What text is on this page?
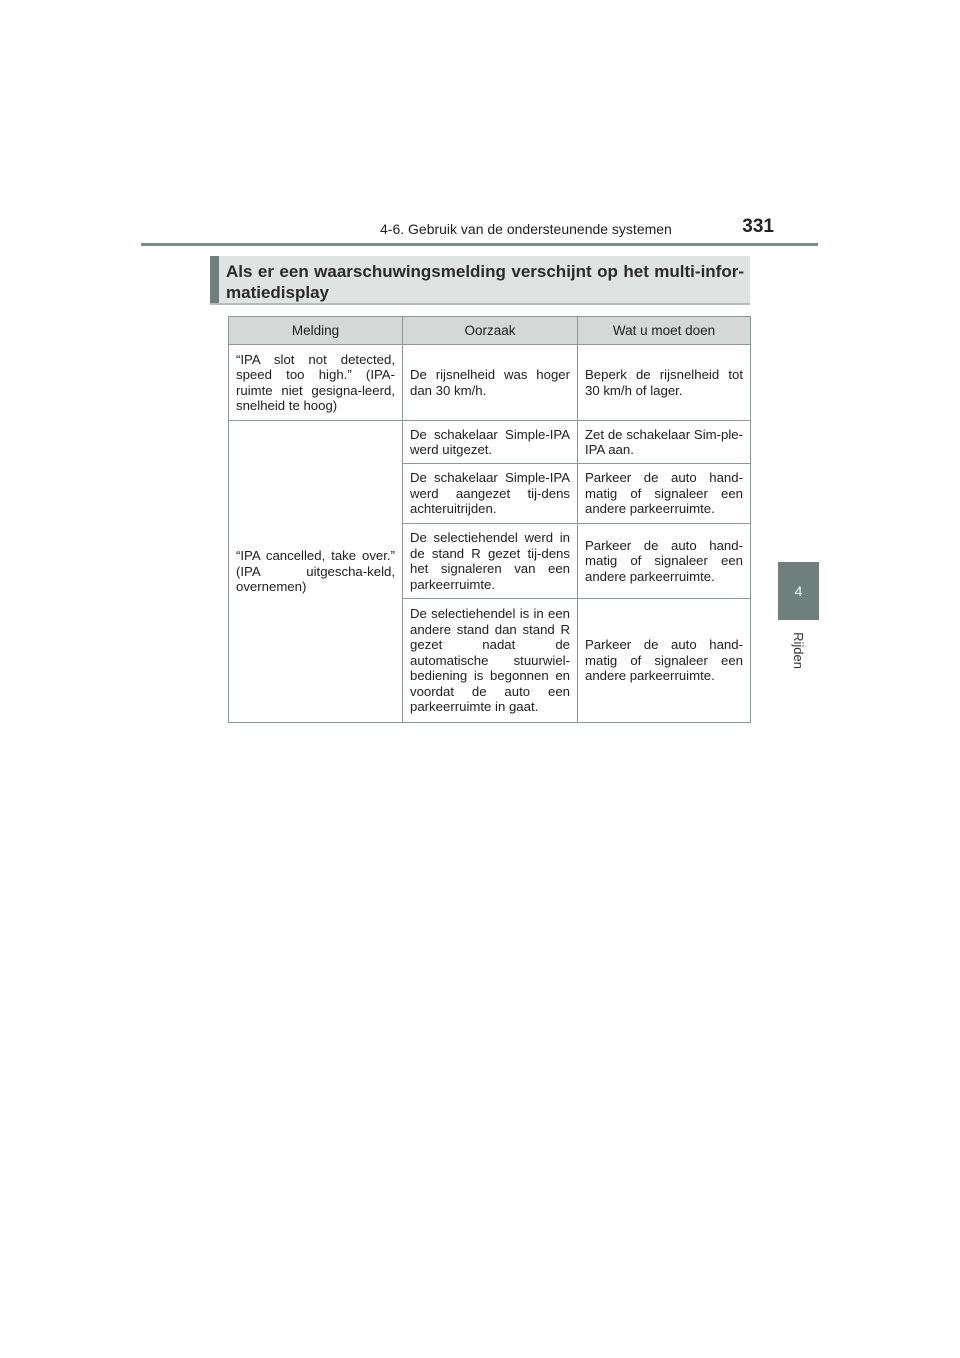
4-6. Gebruik van de ondersteunende systemen	331
4
Rijden
Als er een waarschuwingsmelding verschijnt op het multi-infor-matiedisplay
Melding	Oorzaak	Wat u moet doen
“IPA slot not detected, speed too high.” (IPA-ruimte niet gesigna-leerd, snelheid te hoog)	De rijsnelheid was hoger dan 30 km/h.	Beperk de rijsnelheid tot 30 km/h of lager.
“IPA cancelled, take over.” (IPA uitgescha-keld, overnemen)	De schakelaar Simple-IPA werd uitgezet.	Zet de schakelaar Sim-ple-IPA aan.
	De schakelaar Simple-IPA werd aangezet tij-dens achteruitrijden.	Parkeer de auto hand-matig of signaleer een andere parkeerruimte.
	De selectiehendel werd in de stand R gezet tij-dens het signaleren van een parkeerruimte.	Parkeer de auto hand-matig of signaleer een andere parkeerruimte.
	De selectiehendel is in een andere stand dan stand R gezet nadat de automatische stuurwiel-bediening is begonnen en voordat de auto een parkeerruimte in gaat.	Parkeer de auto hand-matig of signaleer een andere parkeerruimte.
